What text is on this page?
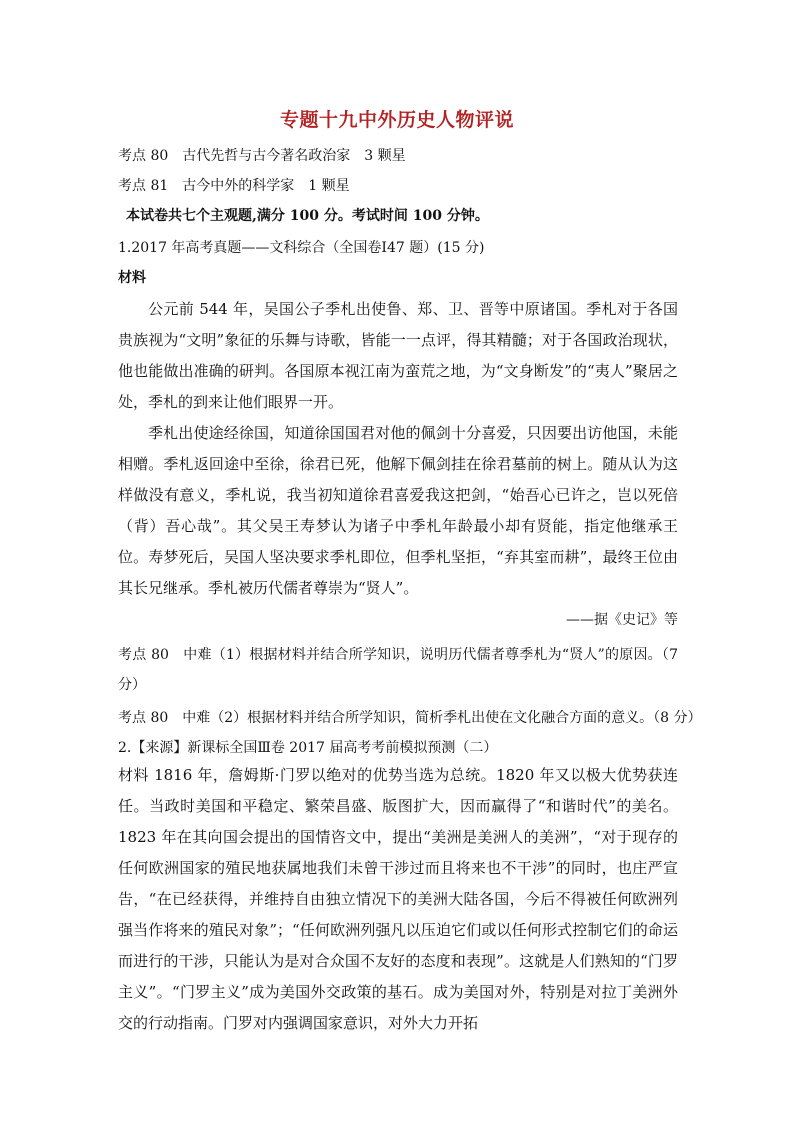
专题十九中外历史人物评说
考点 80　古代先哲与古今著名政治家　3 颗星
考点 81　古今中外的科学家　1 颗星
本试卷共七个主观题,满分 100 分。考试时间 100 分钟。
1.2017 年高考真题——文科综合（全国卷Ⅰ47 题）(15 分)
材料

公元前 544 年，吴国公子季札出使鲁、郑、卫、晋等中原诸国。季札对于各国贵族视为“文明”象征的乐舞与诗歌，皆能一一点评，得其精髓；对于各国政治现状，他也能做出准确的研判。各国原本视江南为蛮荒之地，为“文身断发”的“夷人”聚居之处，季札的到来让他们眼界一开。

季札出使途经徐国，知道徐国国君对他的佩剑十分喜爱，只因要出访他国，未能相赠。季札返回途中至徐，徐君已死，他解下佩剑挂在徐君墓前的树上。随从认为这样做没有意义，季札说，我当初知道徐君喜爱我这把剑，“始吾心已许之，岂以死倍（背）吾心哉”。其父吴王寿梦认为诸子中季札年龄最小却有贤能，指定他继承王位。寿梦死后，吴国人坚决要求季札即位，但季札坚拒，“弃其室而耕”，最终王位由其长兄继承。季札被历代儒者尊崇为“贤人”。

——据《史记》等
考点 80　中难（1）根据材料并结合所学知识，说明历代儒者尊季札为“贤人”的原因。（7 分）
考点 80　中难（2）根据材料并结合所学知识，简析季札出使在文化融合方面的意义。（8 分）
2.【来源】新课标全国Ⅲ卷 2017 届高考考前模拟预测（二）
材料 1816 年，詹姆斯·门罗以绝对的优势当选为总统。1820 年又以极大优势获连任。当政时美国和平稳定、繁荣昌盛、版图扩大，因而赢得了“和谐时代”的美名。1823 年在其向国会提出的国情咨文中，提出“美洲是美洲人的美洲”，“对于现存的任何欧洲国家的殖民地获属地我们未曾干涉过而且将来也不干涉”的同时，也庄严宣告，“在已经获得，并维持自由独立情况下的美洲大陆各国，今后不得被任何欧洲列强当作将来的殖民对象”；“任何欧洲列强凡以压迫它们或以任何形式控制它们的命运而进行的干涉，只能认为是对合众国不友好的态度和表现”。这就是人们熟知的“门罗主义”。“门罗主义”成为美国外交政策的基石。成为美国对外，特别是对拉丁美洲外交的行动指南。门罗对内强调国家意识，对外大力开拓
